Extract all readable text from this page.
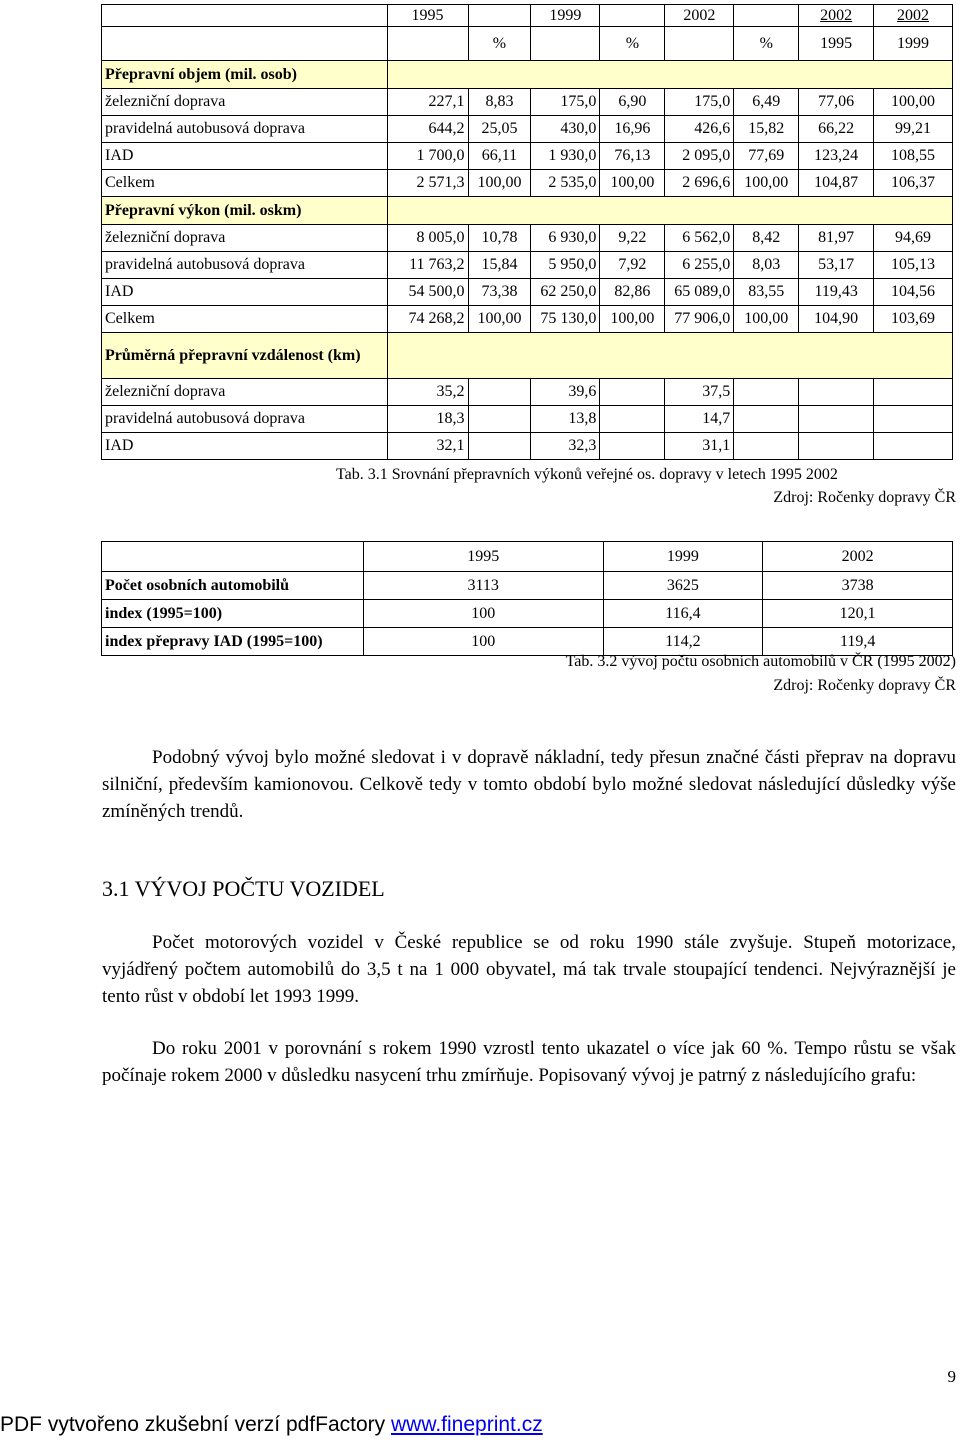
	1995		1999		2002		2002	2002
		%		%		%	1995	1999
Přepravní objem (mil. osob)								
železniční doprava	227,1	8,83	175,0	6,90	175,0	6,49	77,06	100,00
pravidelná autobusová doprava	644,2	25,05	430,0	16,96	426,6	15,82	66,22	99,21
IAD	1 700,0	66,11	1 930,0	76,13	2 095,0	77,69	123,24	108,55
Celkem	2 571,3	100,00	2 535,0	100,00	2 696,6	100,00	104,87	106,37
Přepravní výkon (mil. oskm)								
železniční doprava	8 005,0	10,78	6 930,0	9,22	6 562,0	8,42	81,97	94,69
pravidelná autobusová doprava	11 763,2	15,84	5 950,0	7,92	6 255,0	8,03	53,17	105,13
IAD	54 500,0	73,38	62 250,0	82,86	65 089,0	83,55	119,43	104,56
Celkem	74 268,2	100,00	75 130,0	100,00	77 906,0	100,00	104,90	103,69
Průměrná přepravní vzdálenost (km)								
železniční doprava	35,2		39,6		37,5			
pravidelná autobusová doprava	18,3		13,8		14,7			
IAD	32,1		32,3		31,1			
Tab. 3.1 Srovnání přepravních výkonů veřejné os. dopravy v letech 1995 2002
Zdroj: Ročenky dopravy ČR
	1995	1999	2002
Počet osobních automobilů	3113	3625	3738
index (1995=100)	100	116,4	120,1
index přepravy IAD (1995=100)	100	114,2	119,4
Tab. 3.2 vývoj počtu osobních automobilů v ČR (1995 2002)
Zdroj: Ročenky dopravy ČR

Podobný vývoj bylo možné sledovat i v dopravě nákladní, tedy přesun značné části přeprav na dopravu silniční, především kamionovou. Celkově tedy v tomto období bylo možné sledovat následující důsledky výše zmíněných trendů.

3.1 VÝVOJ POČTU VOZIDEL

Počet motorových vozidel v České republice se od roku 1990 stále zvyšuje. Stupeň motorizace, vyjádřený počtem automobilů do 3,5 t na 1 000 obyvatel, má tak trvale stoupající tendenci. Nejvýraznější je tento růst v období let 1993 1999.

Do roku 2001 v porovnání s rokem 1990 vzrostl tento ukazatel o více jak 60 %. Tempo růstu se však počínaje rokem 2000 v důsledku nasycení trhu zmírňuje. Popisovaný vývoj je patrný z následujícího grafu:

9
PDF vytvořeno zkušební verzí pdfFactory www.fineprint.cz
